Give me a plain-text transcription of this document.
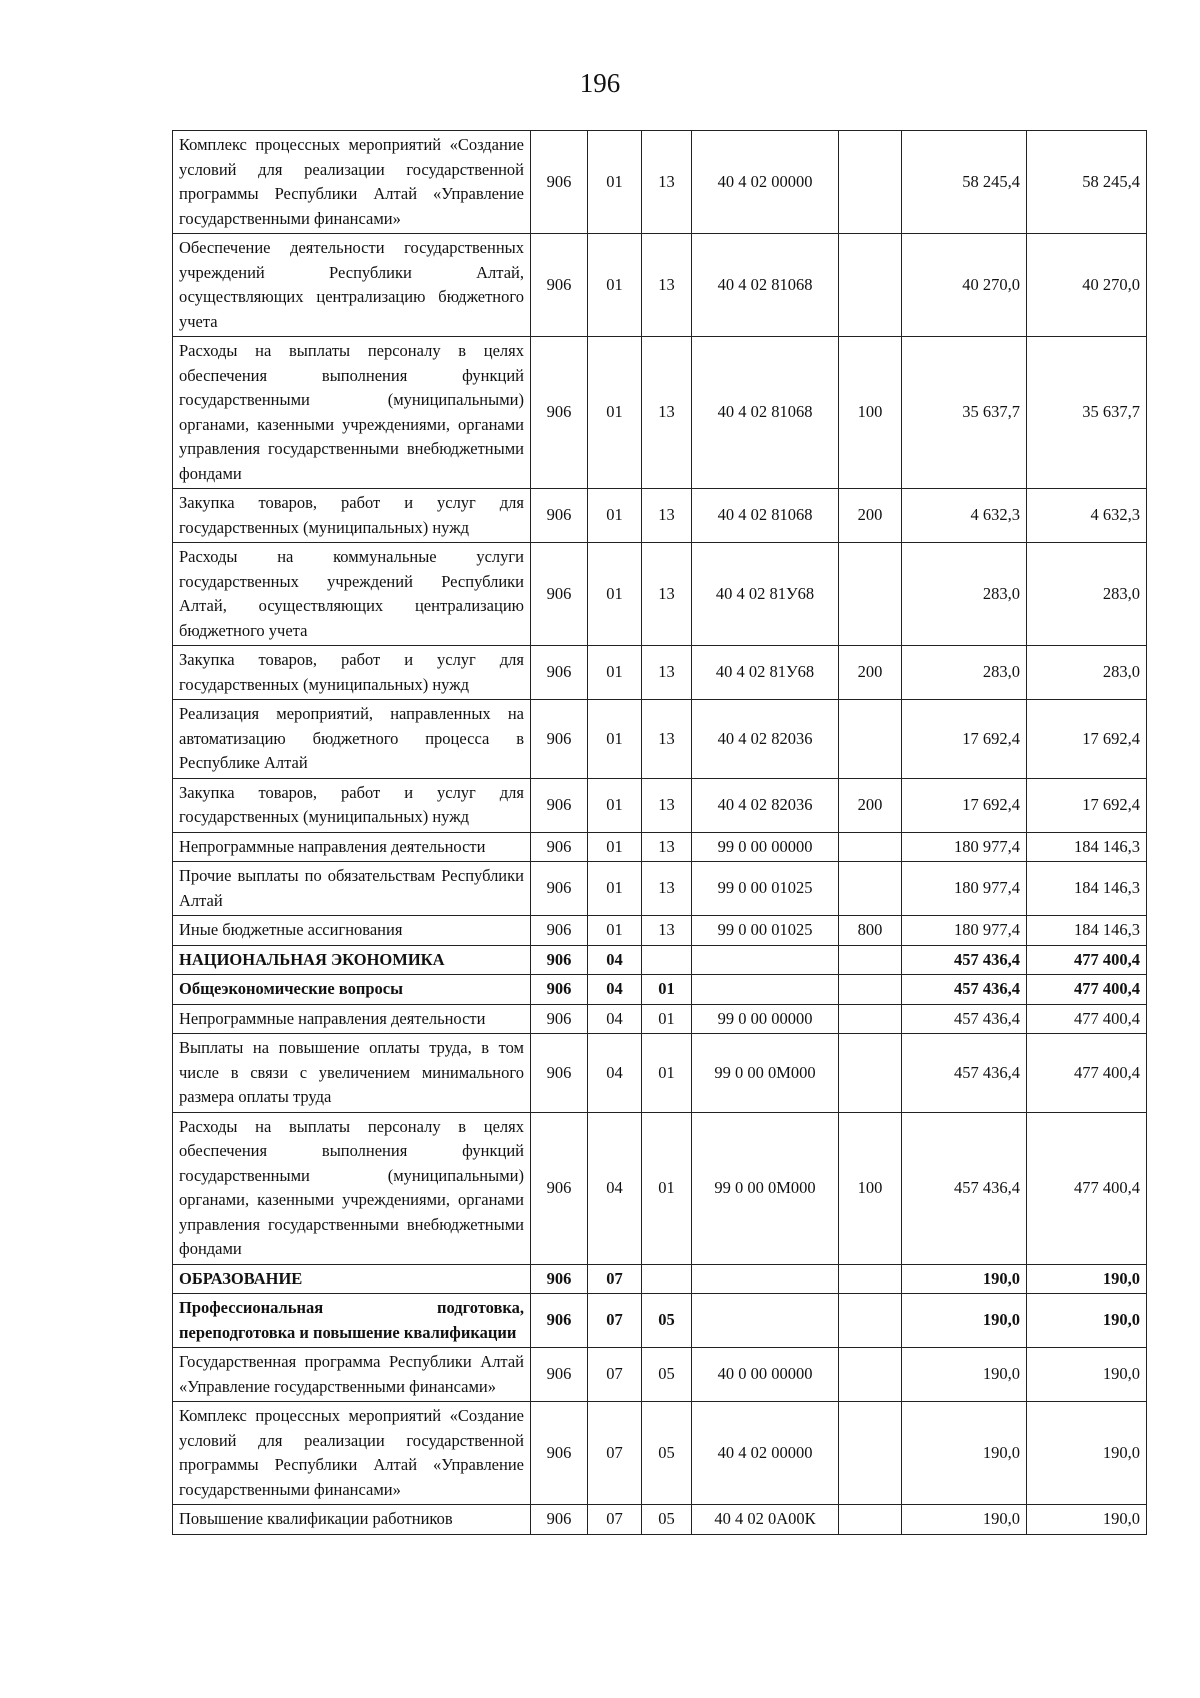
196
Комплекс процессных мероприятий «Создание условий для реализации государственной программы Республики Алтай «Управление государственными финансами»	906	01	13	40 4 02 00000		58 245,4	58 245,4
Обеспечение деятельности государственных учреждений Республики Алтай, осуществляющих централизацию бюджетного учета	906	01	13	40 4 02 81068		40 270,0	40 270,0
Расходы на выплаты персоналу в целях обеспечения выполнения функций государственными (муниципальными) органами, казенными учреждениями, органами управления государственными внебюджетными фондами	906	01	13	40 4 02 81068	100	35 637,7	35 637,7
Закупка товаров, работ и услуг для государственных (муниципальных) нужд	906	01	13	40 4 02 81068	200	4 632,3	4 632,3
Расходы на коммунальные услуги государственных учреждений Республики Алтай, осуществляющих централизацию бюджетного учета	906	01	13	40 4 02 81У68		283,0	283,0
Закупка товаров, работ и услуг для государственных (муниципальных) нужд	906	01	13	40 4 02 81У68	200	283,0	283,0
Реализация мероприятий, направленных на автоматизацию бюджетного процесса в Республике Алтай	906	01	13	40 4 02 82036		17 692,4	17 692,4
Закупка товаров, работ и услуг для государственных (муниципальных) нужд	906	01	13	40 4 02 82036	200	17 692,4	17 692,4
Непрограммные направления деятельности	906	01	13	99 0 00 00000		180 977,4	184 146,3
Прочие выплаты по обязательствам Республики Алтай	906	01	13	99 0 00 01025		180 977,4	184 146,3
Иные бюджетные ассигнования	906	01	13	99 0 00 01025	800	180 977,4	184 146,3
НАЦИОНАЛЬНАЯ ЭКОНОМИКА	906	04				457 436,4	477 400,4
Общеэкономические вопросы	906	04	01			457 436,4	477 400,4
Непрограммные направления деятельности	906	04	01	99 0 00 00000		457 436,4	477 400,4
Выплаты на повышение оплаты труда, в том числе в связи с увеличением минимального размера оплаты труда	906	04	01	99 0 00 0М000		457 436,4	477 400,4
Расходы на выплаты персоналу в целях обеспечения выполнения функций государственными (муниципальными) органами, казенными учреждениями, органами управления государственными внебюджетными фондами	906	04	01	99 0 00 0М000	100	457 436,4	477 400,4
ОБРАЗОВАНИЕ	906	07				190,0	190,0
Профессиональная подготовка, переподготовка и повышение квалификации	906	07	05			190,0	190,0
Государственная программа Республики Алтай «Управление государственными финансами»	906	07	05	40 0 00 00000		190,0	190,0
Комплекс процессных мероприятий «Создание условий для реализации государственной программы Республики Алтай «Управление государственными финансами»	906	07	05	40 4 02 00000		190,0	190,0
Повышение квалификации работников	906	07	05	40 4 02 0А00К		190,0	190,0
